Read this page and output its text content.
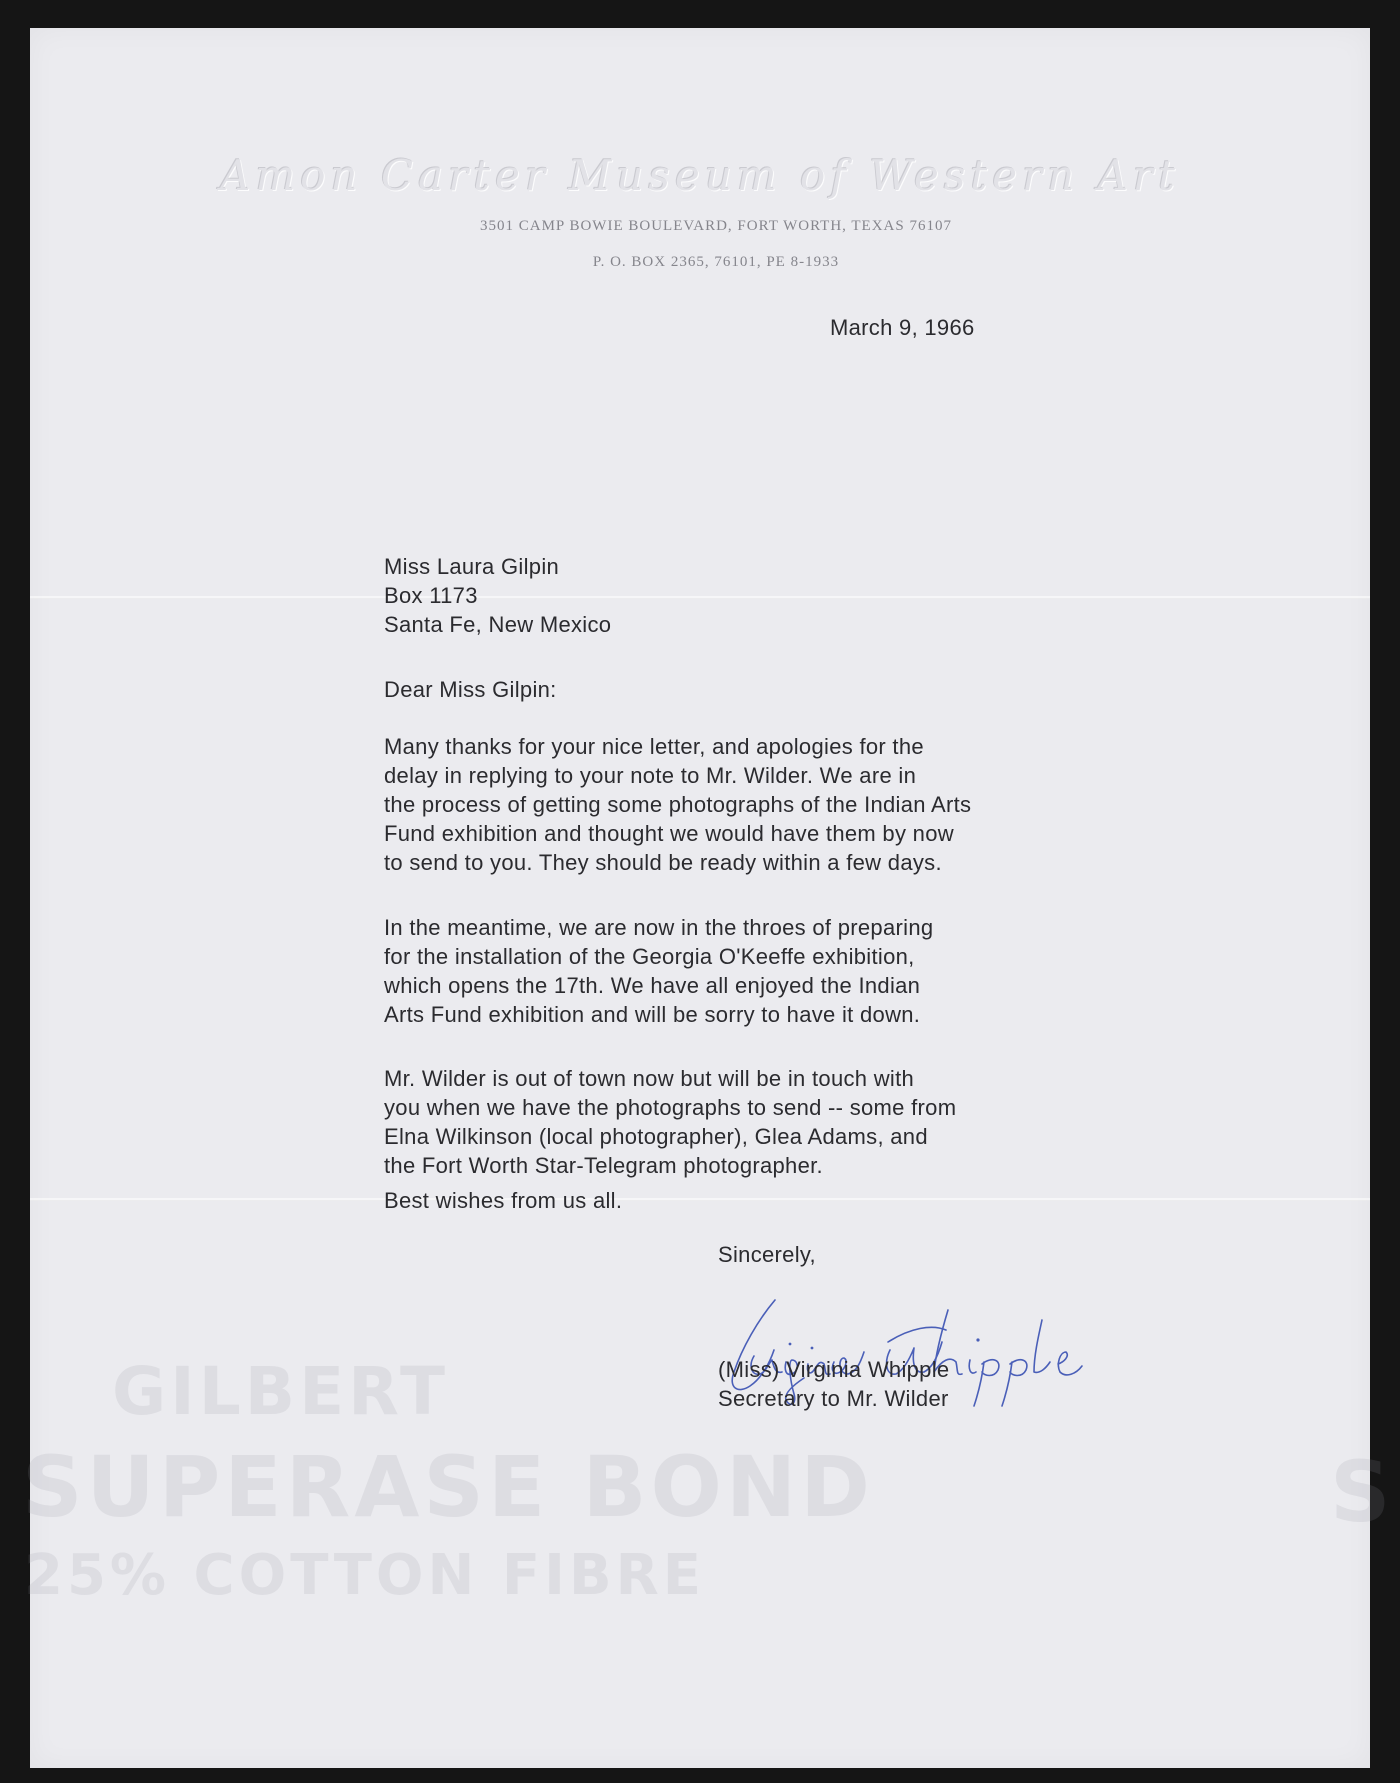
GILBERT
SUPERASE BOND
25% COTTON FIBRE
S
Amon Carter Museum of Western Art
3501 CAMP BOWIE BOULEVARD, FORT WORTH, TEXAS 76107
P. O. BOX 2365, 76101, PE 8-1933
March 9, 1966
Miss Laura Gilpin
Box 1173
Santa Fe, New Mexico
Dear Miss Gilpin:
Many thanks for your nice letter, and apologies for the
delay in replying to your note to Mr. Wilder. We are in
the process of getting some photographs of the Indian Arts
Fund exhibition and thought we would have them by now
to send to you. They should be ready within a few days.
In the meantime, we are now in the throes of preparing
for the installation of the Georgia O'Keeffe exhibition,
which opens the 17th. We have all enjoyed the Indian
Arts Fund exhibition and will be sorry to have it down.
Mr. Wilder is out of town now but will be in touch with
you when we have the photographs to send -- some from
Elna Wilkinson (local photographer), Glea Adams, and
the Fort Worth Star-Telegram photographer.
Best wishes from us all.
Sincerely,
(Miss) Virginia Whipple
Secretary to Mr. Wilder
